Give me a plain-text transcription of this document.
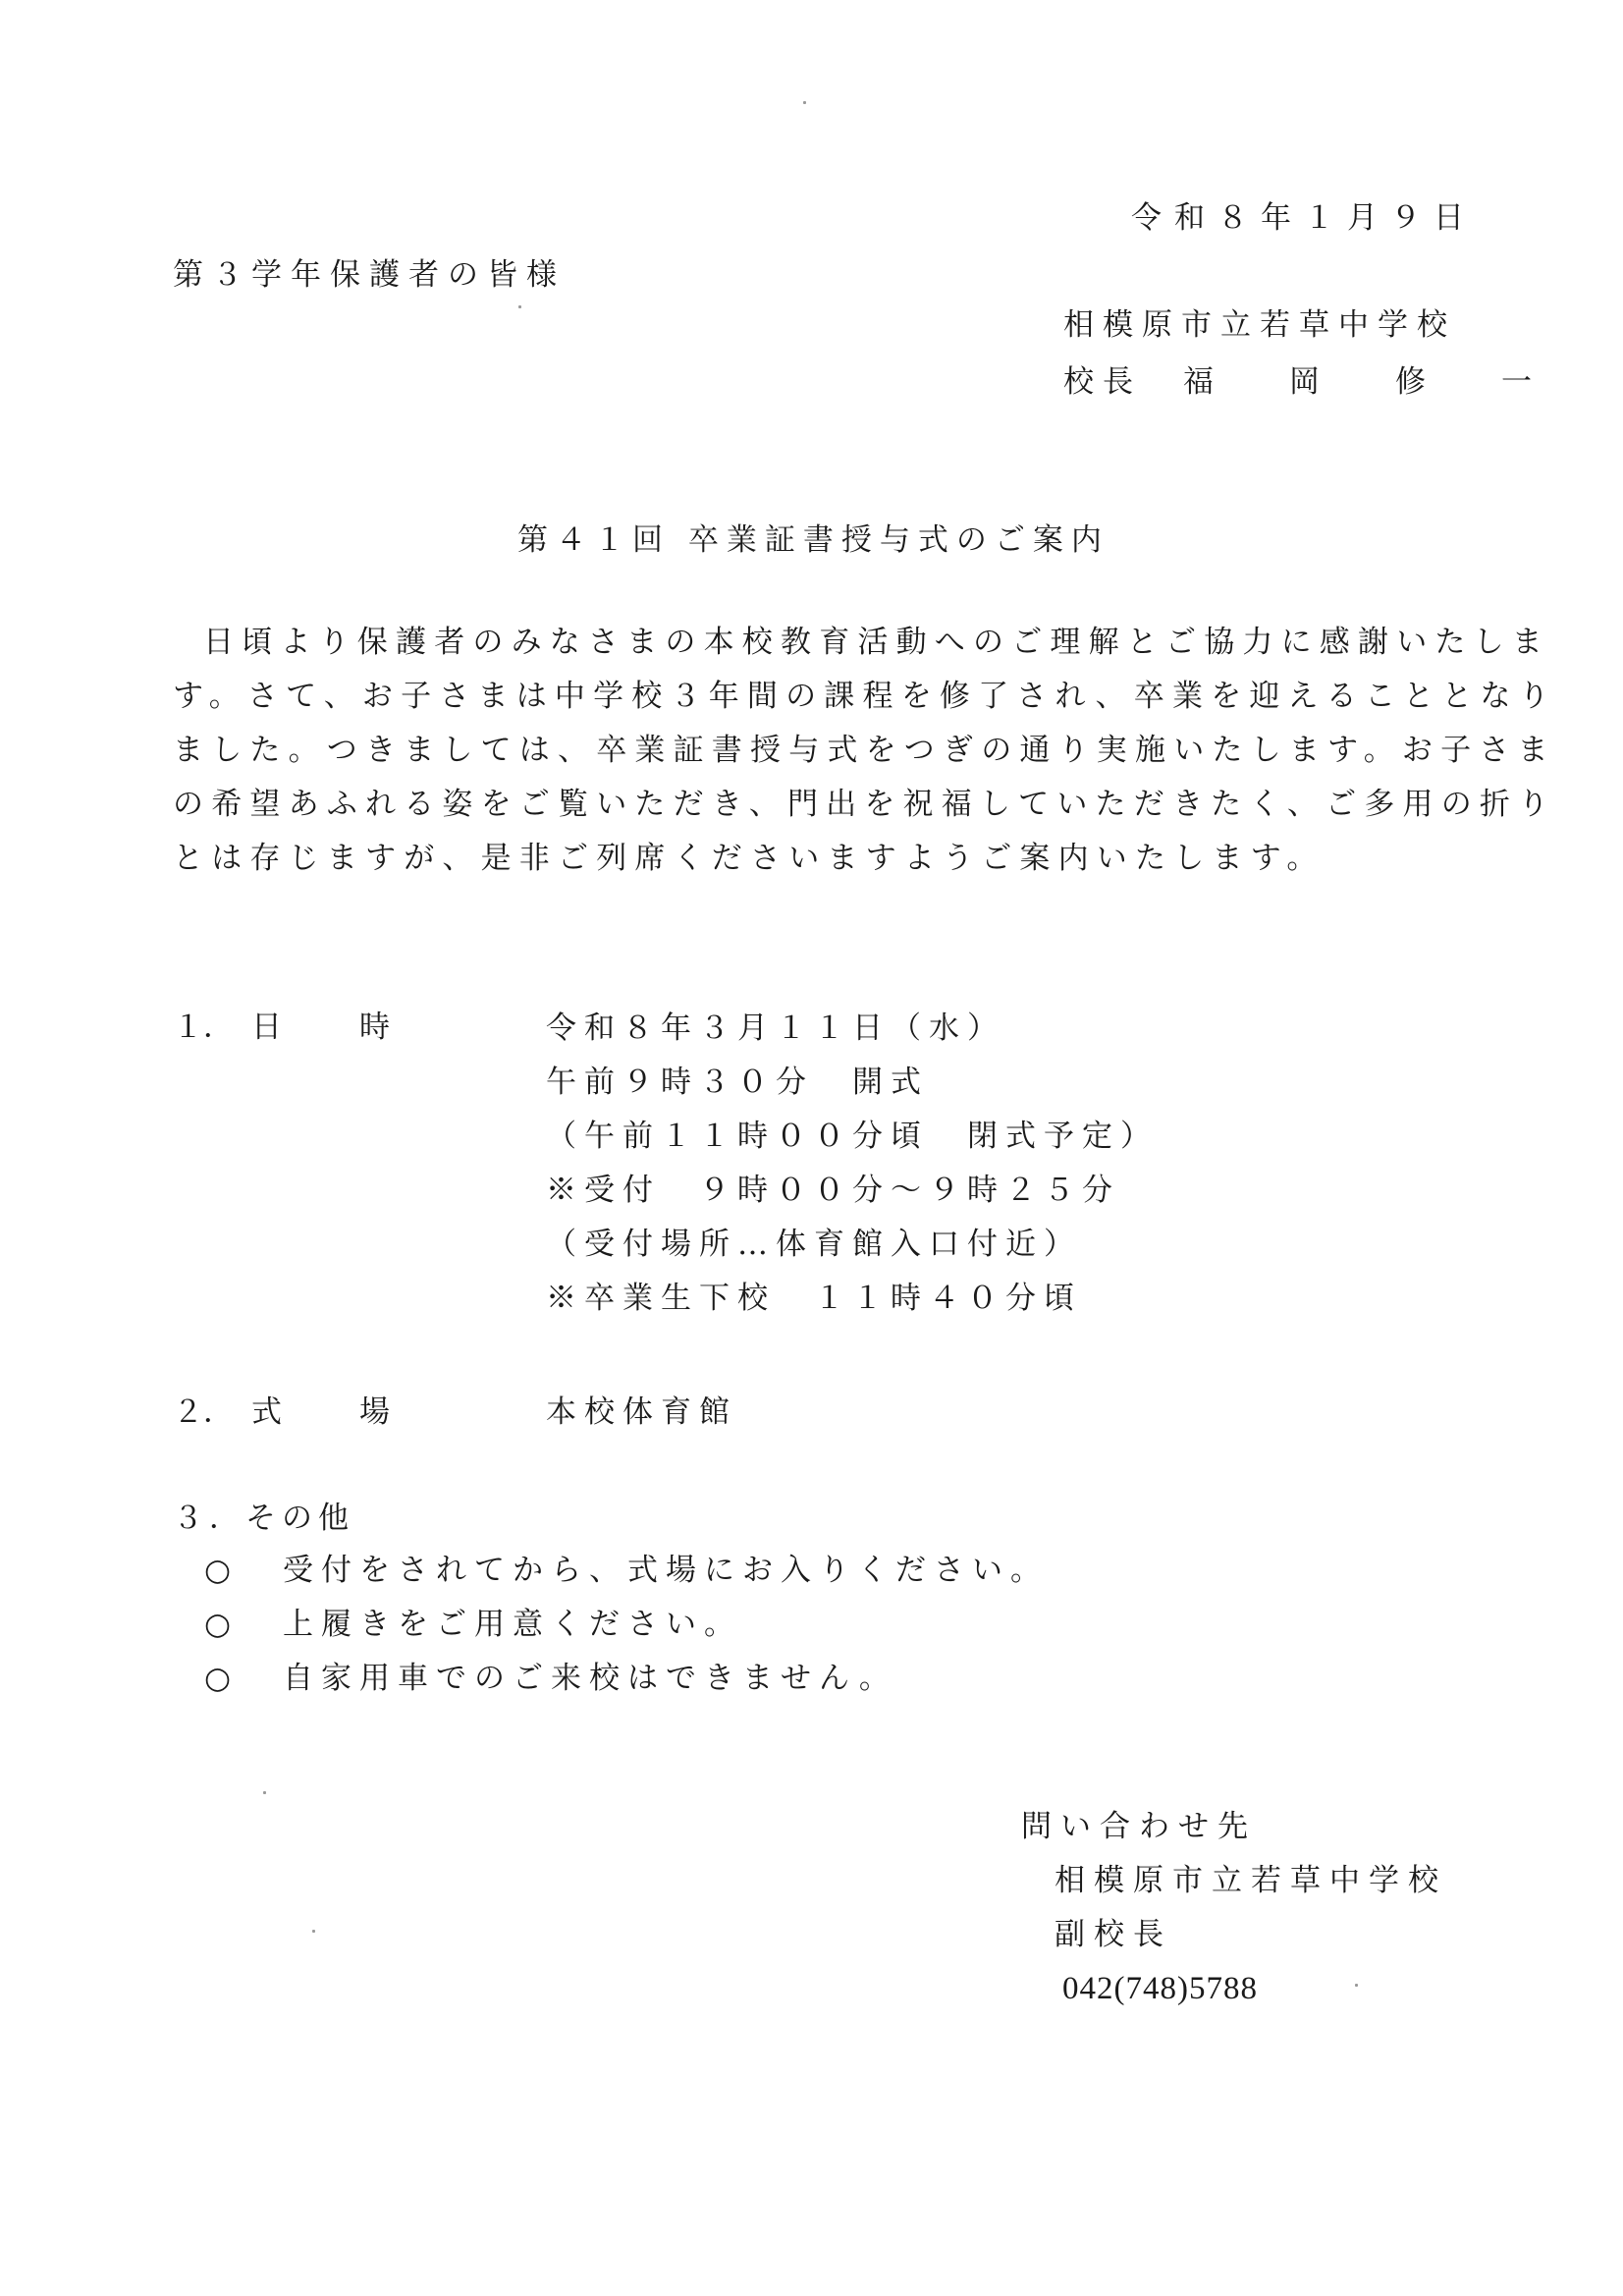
令和８年１月９日
第３学年保護者の皆様
相模原市立若草中学校
校長 福 岡 修 一
第４１回 卒業証書授与式のご案内
日頃より保護者のみなさまの本校教育活動へのご理解とご協力に感謝いたしま
す。さて、お子さまは中学校３年間の課程を修了され、卒業を迎えることとなり
ました。つきましては、卒業証書授与式をつぎの通り実施いたします。お子さま
の希望あふれる姿をご覧いただき、門出を祝福していただきたく、ご多用の折り
とは存じますが、是非ご列席くださいますようご案内いたします。
１． 日	時	令和８年３月１１日（水）
午前９時３０分　開式
（午前１１時００分頃　閉式予定）
※受付　９時００分～９時２５分
（受付場所…体育館入口付近）
※卒業生下校　１１時４０分頃
２． 式	場	本校体育館
３．その他
○ 受付をされてから、式場にお入りください。
○ 上履きをご用意ください。
○ 自家用車でのご来校はできません。
問い合わせ先
相模原市立若草中学校
副校長
042(748)5788
